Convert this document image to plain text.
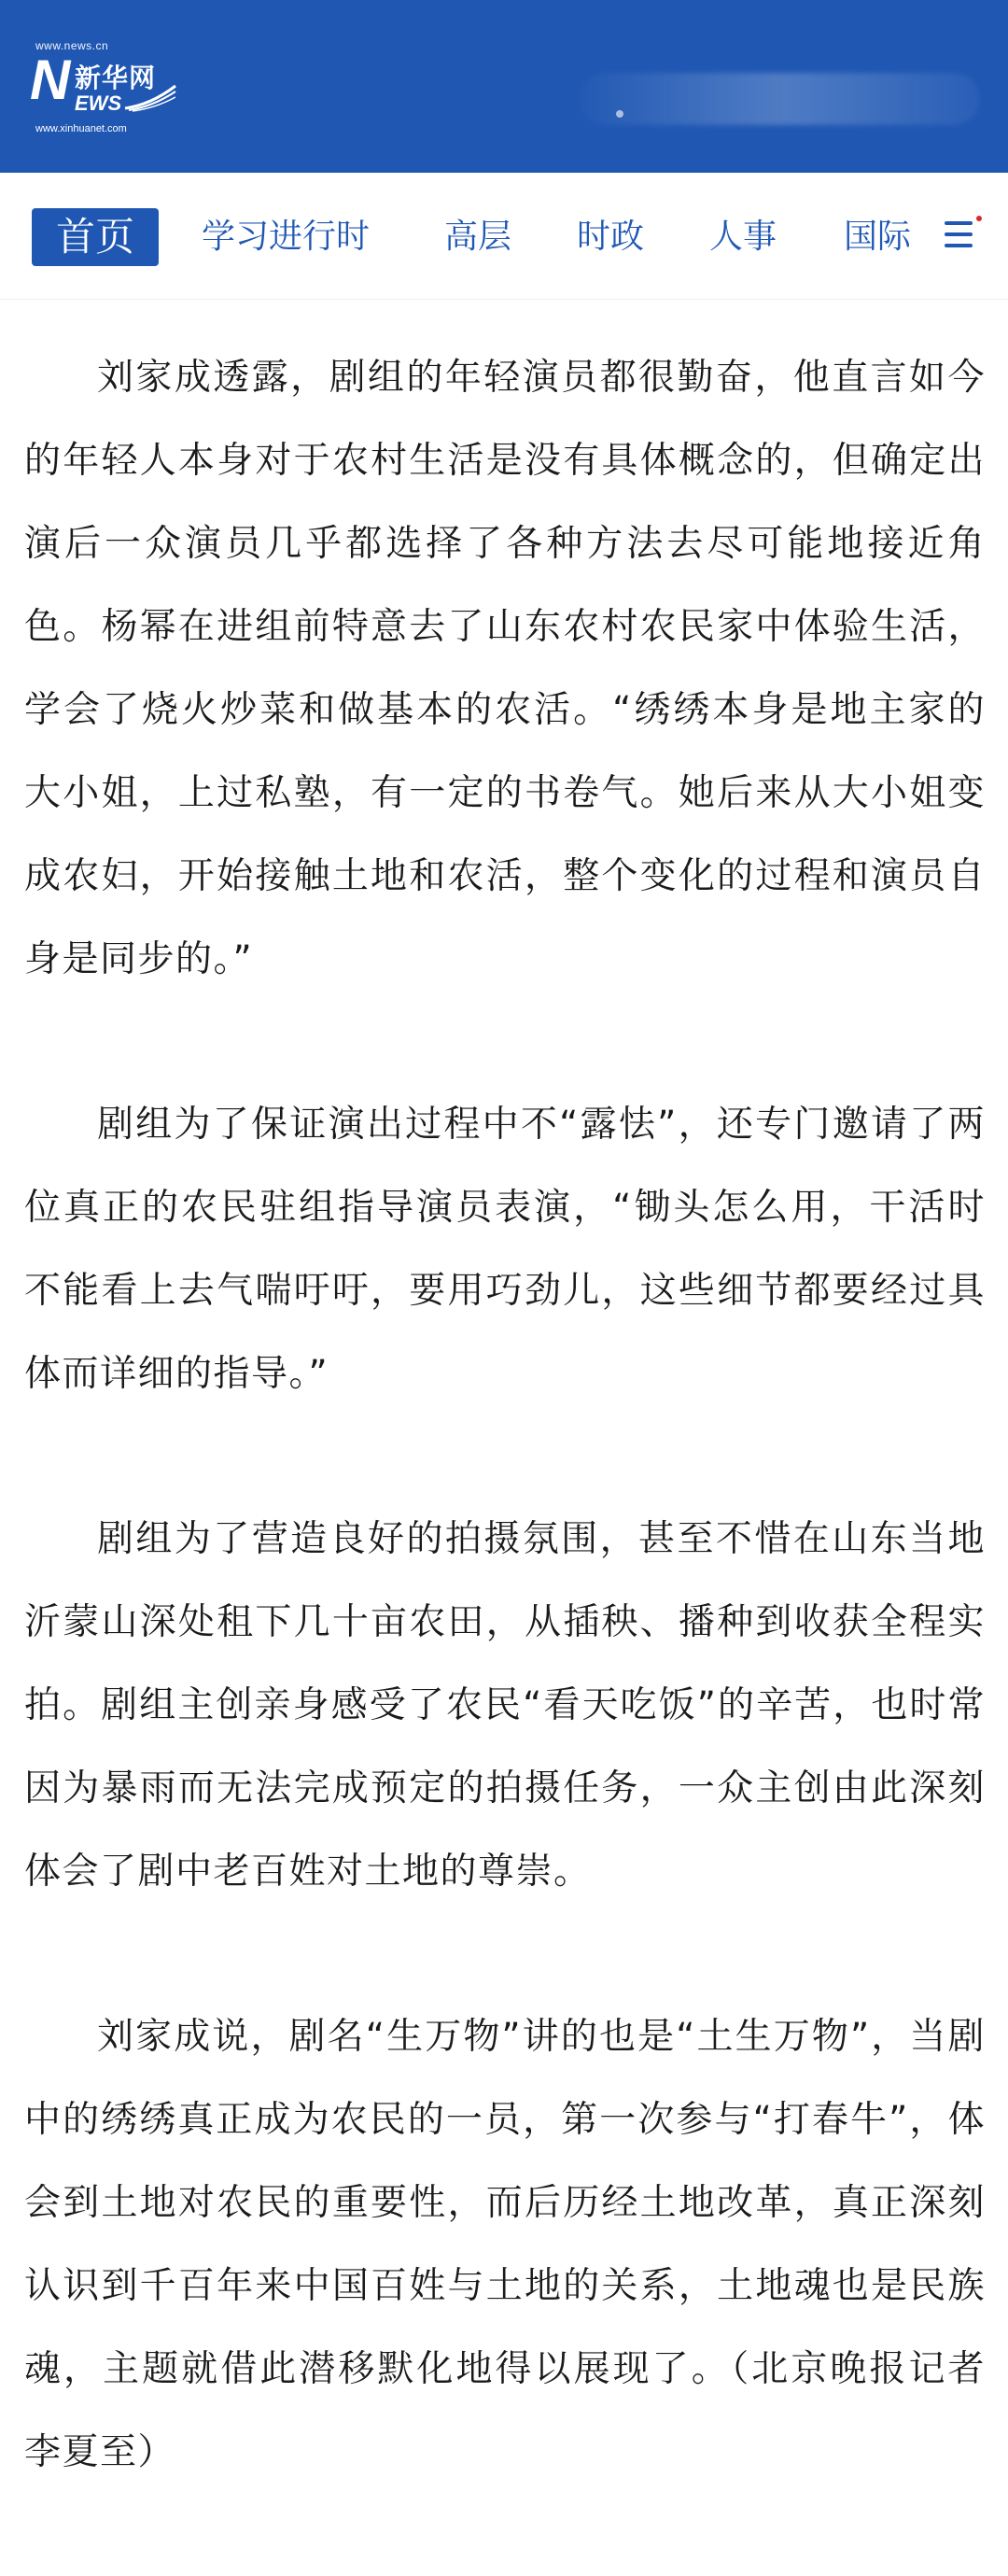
www.news.cn
N 新华网
EWS
www.xinhuanet.com
首页	学习进行时 高层 时政 人事 国际

刘家成透露，剧组的年轻演员都很勤奋，他直言如今的年轻人本身对于农村生活是没有具体概念的，但确定出演后一众演员几乎都选择了各种方法去尽可能地接近角色。杨幂在进组前特意去了山东农村农民家中体验生活，学会了烧火炒菜和做基本的农活。“绣绣本身是地主家的大小姐，上过私塾，有一定的书卷气。她后来从大小姐变成农妇，开始接触土地和农活，整个变化的过程和演员自身是同步的。”

剧组为了保证演出过程中不“露怯”，还专门邀请了两位真正的农民驻组指导演员表演，“锄头怎么用，干活时不能看上去气喘吁吁，要用巧劲儿，这些细节都要经过具体而详细的指导。”

剧组为了营造良好的拍摄氛围，甚至不惜在山东当地沂蒙山深处租下几十亩农田，从插秧、播种到收获全程实拍。剧组主创亲身感受了农民“看天吃饭”的辛苦，也时常因为暴雨而无法完成预定的拍摄任务，一众主创由此深刻体会了剧中老百姓对土地的尊崇。

刘家成说，剧名“生万物”讲的也是“土生万物”，当剧中的绣绣真正成为农民的一员，第一次参与“打春牛”，体会到土地对农民的重要性，而后历经土地改革，真正深刻认识到千百年来中国百姓与土地的关系，土地魂也是民族魂，主题就借此潜移默化地得以展现了。（北京晚报记者 李夏至）
